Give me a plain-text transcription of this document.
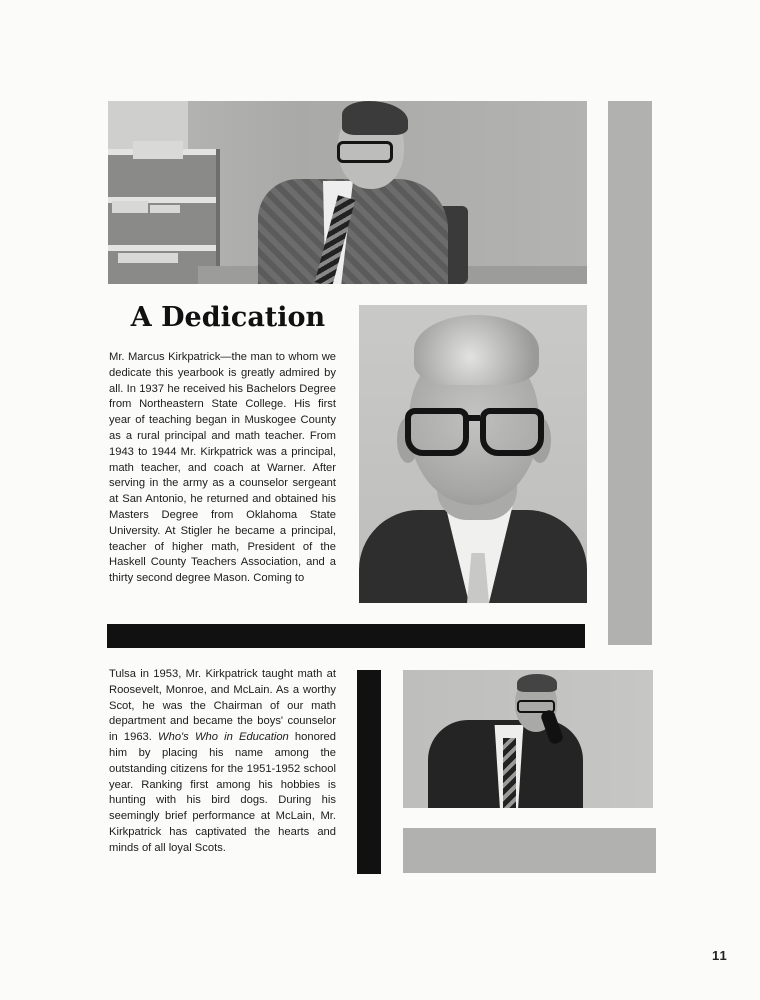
A Dedication

Mr. Marcus Kirkpatrick—the man to whom we dedicate this yearbook is greatly admired by all. In 1937 he received his Bachelors Degree from Northeastern State College. His first year of teaching began in Muskogee County as a rural principal and math teacher. From 1943 to 1944 Mr. Kirkpatrick was a principal, math teacher, and coach at Warner. After serving in the army as a counselor sergeant at San Antonio, he returned and obtained his Masters Degree from Oklahoma State University. At Stigler he became a principal, teacher of higher math, President of the Haskell County Teachers Association, and a thirty second degree Mason. Coming to

Tulsa in 1953, Mr. Kirkpatrick taught math at Roosevelt, Monroe, and McLain. As a worthy Scot, he was the Chairman of our math department and became the boys' counselor in 1963. Who's Who in Education honored him by placing his name among the outstanding citizens for the 1951-1952 school year. Ranking first among his hobbies is hunting with his bird dogs. During his seemingly brief performance at McLain, Mr. Kirkpatrick has captivated the hearts and minds of all loyal Scots.

11
